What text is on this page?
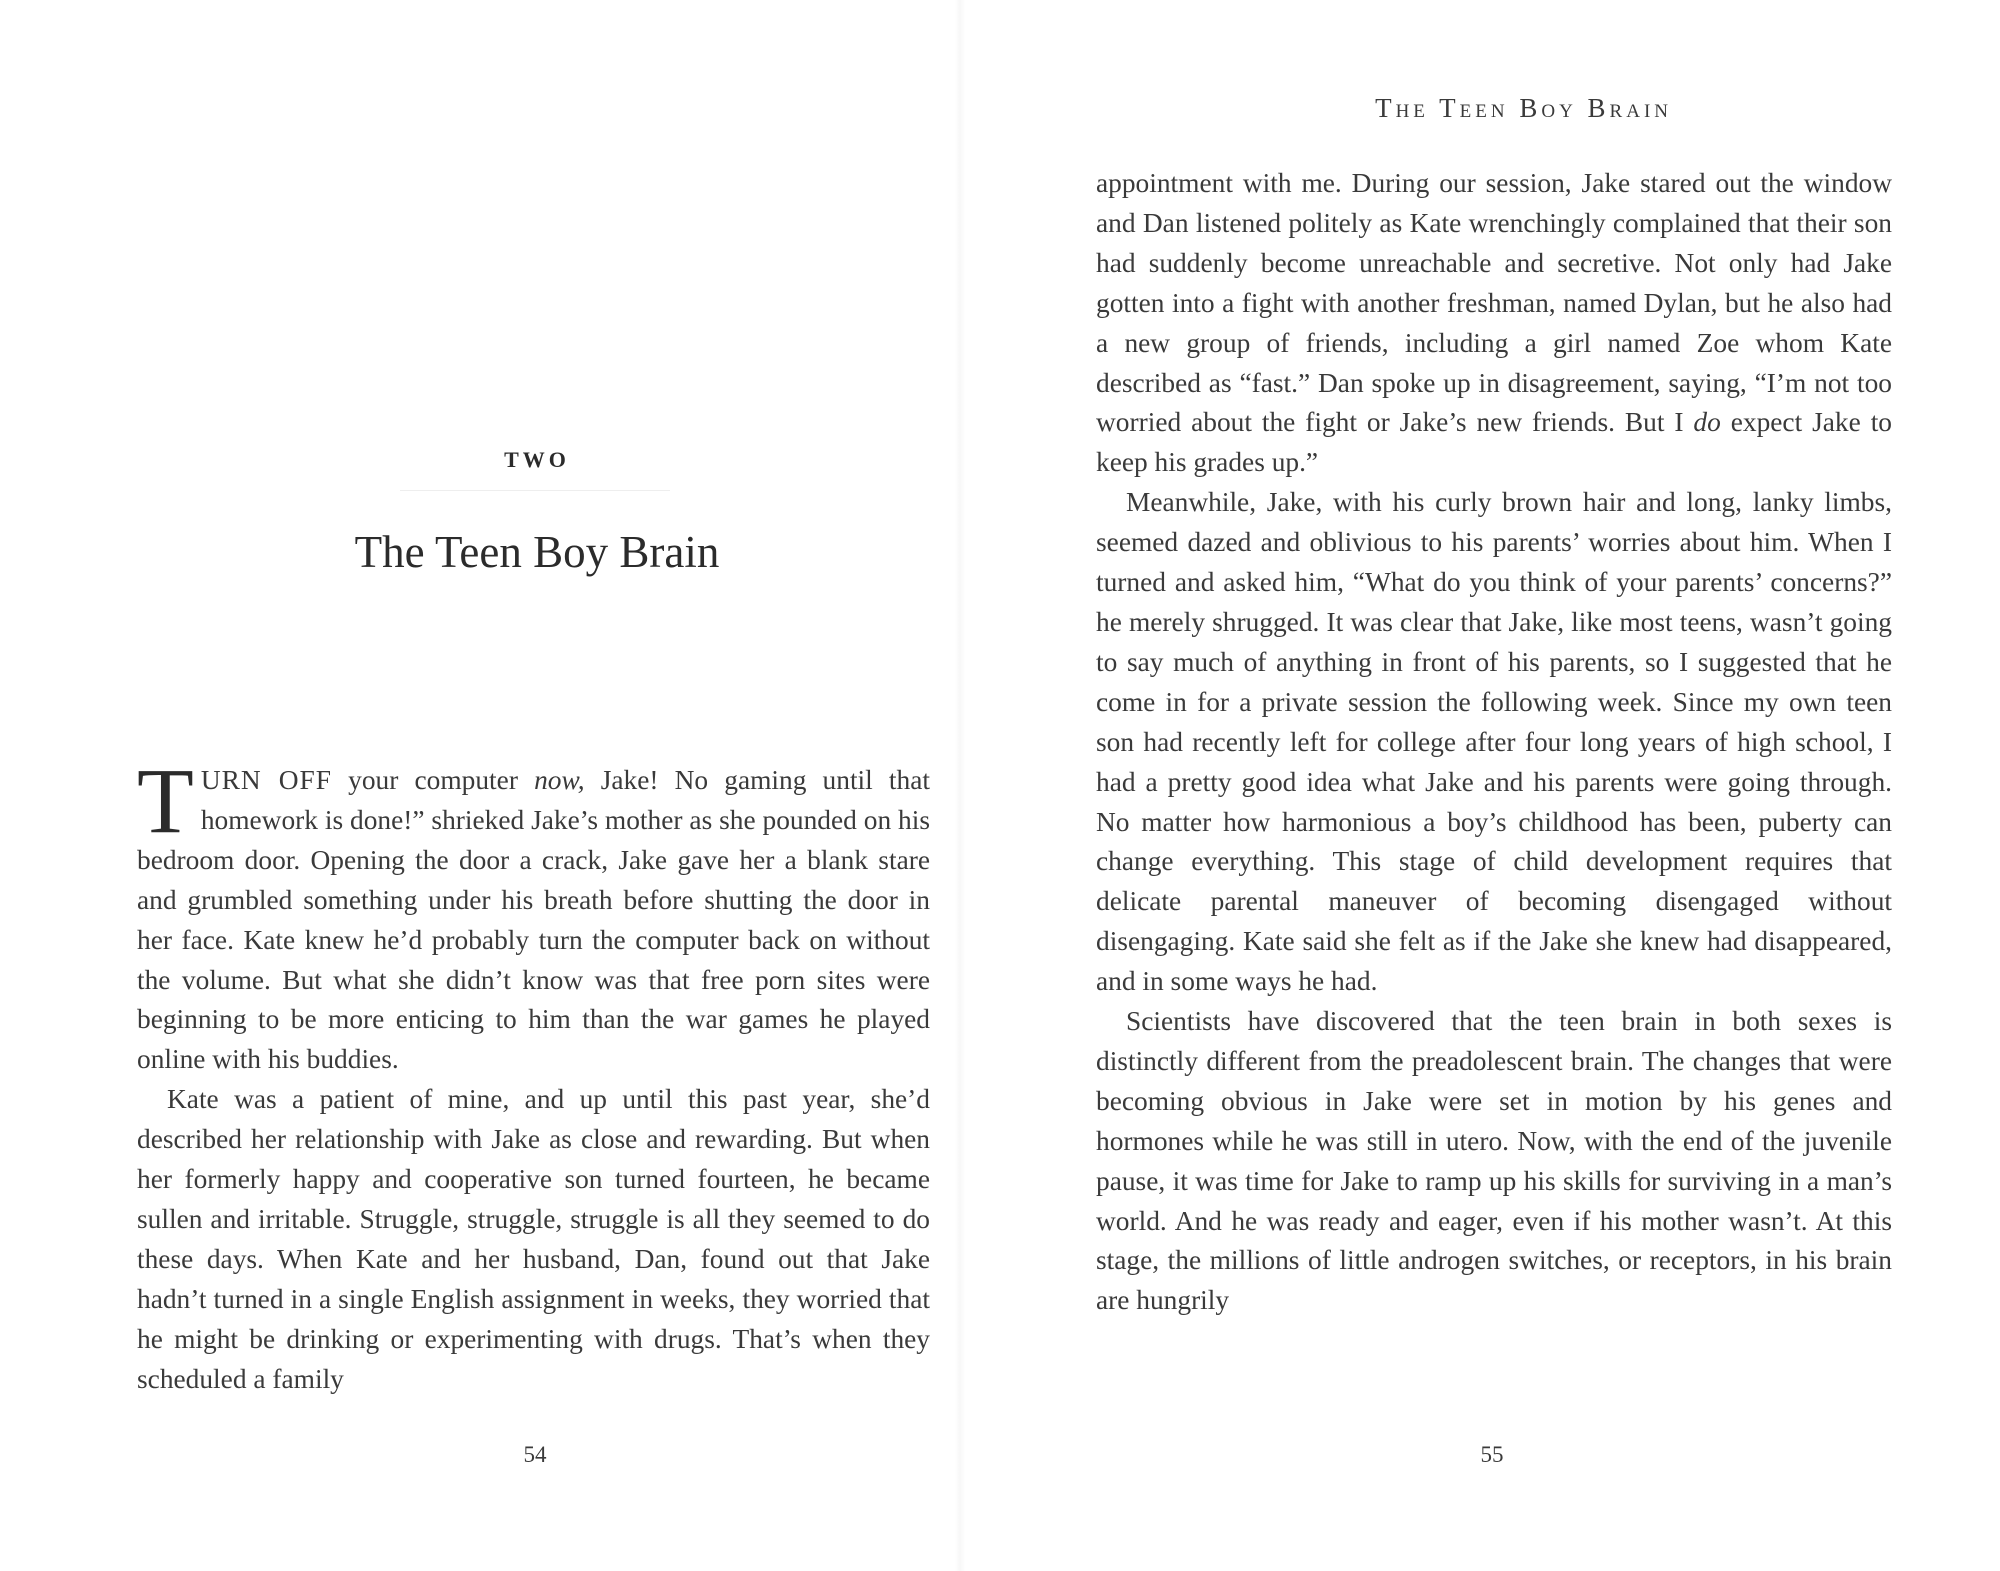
TWO
The Teen Boy Brain

TURN OFF your computer now, Jake! No gaming until that homework is done!” shrieked Jake’s mother as she pounded on his bedroom door. Opening the door a crack, Jake gave her a blank stare and grumbled something under his breath before shutting the door in her face. Kate knew he’d probably turn the computer back on without the volume. But what she didn’t know was that free porn sites were beginning to be more enticing to him than the war games he played online with his buddies.

Kate was a patient of mine, and up until this past year, she’d described her relationship with Jake as close and rewarding. But when her formerly happy and cooperative son turned fourteen, he became sullen and irritable. Struggle, struggle, struggle is all they seemed to do these days. When Kate and her husband, Dan, found out that Jake hadn’t turned in a single English assignment in weeks, they worried that he might be drinking or experimenting with drugs. That’s when they scheduled a family

54
The Teen Boy Brain

appointment with me. During our session, Jake stared out the window and Dan listened politely as Kate wrenchingly complained that their son had suddenly become unreachable and secretive. Not only had Jake gotten into a fight with another freshman, named Dylan, but he also had a new group of friends, including a girl named Zoe whom Kate described as “fast.” Dan spoke up in disagreement, saying, “I’m not too worried about the fight or Jake’s new friends. But I do expect Jake to keep his grades up.”

Meanwhile, Jake, with his curly brown hair and long, lanky limbs, seemed dazed and oblivious to his parents’ worries about him. When I turned and asked him, “What do you think of your parents’ concerns?” he merely shrugged. It was clear that Jake, like most teens, wasn’t going to say much of anything in front of his parents, so I suggested that he come in for a private session the following week. Since my own teen son had recently left for college after four long years of high school, I had a pretty good idea what Jake and his parents were going through. No matter how harmonious a boy’s childhood has been, puberty can change everything. This stage of child development requires that delicate parental maneuver of becoming disengaged without disengaging. Kate said she felt as if the Jake she knew had disappeared, and in some ways he had.

Scientists have discovered that the teen brain in both sexes is distinctly different from the preadolescent brain. The changes that were becoming obvious in Jake were set in motion by his genes and hormones while he was still in utero. Now, with the end of the juvenile pause, it was time for Jake to ramp up his skills for surviving in a man’s world. And he was ready and eager, even if his mother wasn’t. At this stage, the millions of little androgen switches, or receptors, in his brain are hungrily

55
